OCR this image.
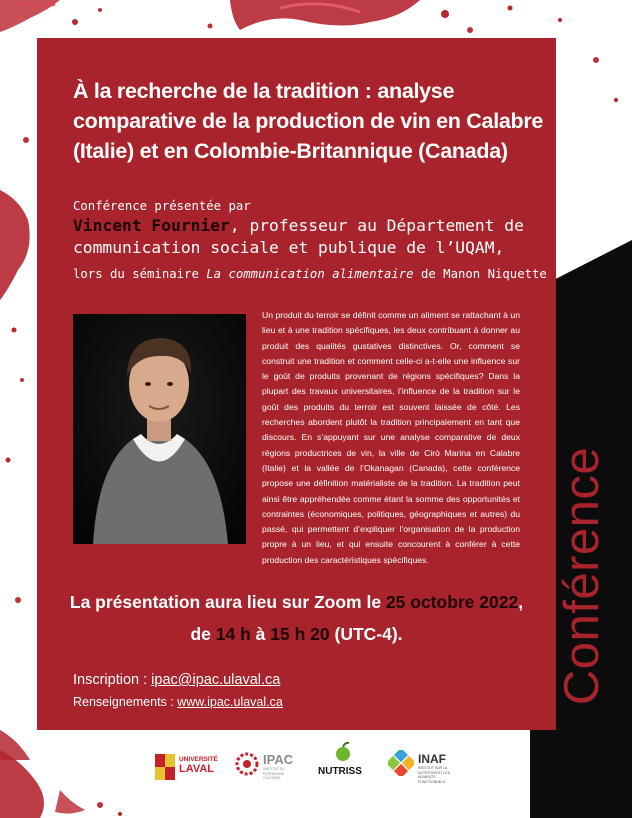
Conférence
À la recherche de la tradition : analyse comparative de la production de vin en Calabre (Italie) et en Colombie-Britannique (Canada)

Conférence présentée par

Vincent Fournier, professeur au Département de communication sociale et publique de l’UQAM,

lors du séminaire La communication alimentaire de Manon Niquette

Un produit du terroir se définit comme un aliment se rattachant à un lieu et à une tradition spécifiques, les deux contribuant à donner au produit des qualités gustatives distinctives. Or, comment se construit une tradition et comment celle-ci a-t-elle une influence sur le goût de produits provenant de régions spécifiques? Dans la plupart des travaux universitaires, l’influence de la tradition sur le goût des produits du terroir est souvent laissée de côté. Les recherches abordent plutôt la tradition principalement en tant que discours. En s’appuyant sur une analyse comparative de deux régions productrices de vin, la ville de Cirò Marina en Calabre (Italie) et la vallée de l’Okanagan (Canada), cette conférence propose une définition matérialiste de la tradition. La tradition peut ainsi être appréhendée comme étant la somme des opportunités et contraintes (économiques, politiques, géographiques et autres) du passé, qui permettent d’expliquer l’organisation de la production propre à un lieu, et qui ensuite concourent à conférer à cette production des caractéristiques spécifiques.

La présentation aura lieu sur Zoom le 25 octobre 2022,

de 14 h à 15 h 20 (UTC-4).

Inscription : ipac@ipac.ulaval.ca

Renseignements : www.ipac.ulaval.ca

UNIVERSITÉ
LAVAL
IPAC
INSTITUT DU PATRIMOINE CULTUREL
NUTRISS
INAF
INSTITUT SUR LA NUTRITION ET LES ALIMENTS FONCTIONNELS
